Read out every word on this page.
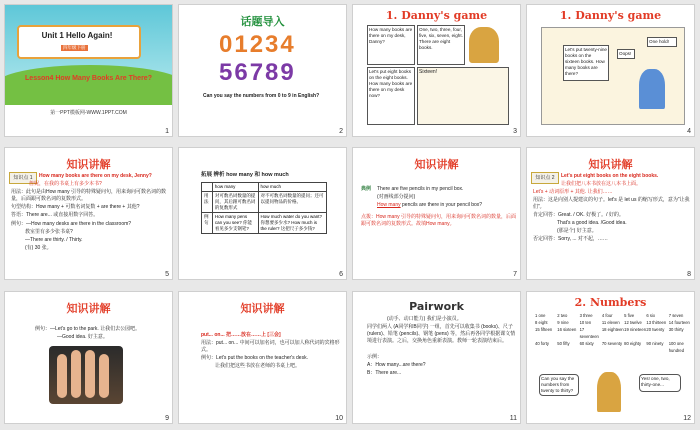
Unit 1 Hello Again!
四年级下册
Lesson4 How Many Books Are There?
第一PPT模板网-WWW.1PPT.COM
1
话题导入
01234
56789
Can you say the numbers from 0 to 9 in English?
2
1. Danny's game
How many books are there on my desk, Danny?
One, two, three, four, five, six, seven, eight. There are eight books.
Let's put eight books on the eight books. How many books are there on my desk now?
Sixteen!
3
1. Danny's game
Let's put twenty-nine books on the sixteen books. How many books are there?
One hold!
Oops!
4
知识讲解
知识点 1	How many books are there on my desk, Jenny?
詹妮，在我的书桌上有多少本书?
用法：此句是由How many 引导的特殊疑问句，用来询问可数名词的数量，后面跟可数名词的复数形式。
句型结构：How many + 可数名词复数 + are there + 其他?
答语：There are... 或直接用数字回答。
例句：—How many desks are there in the classroom?
教室里有多少张书桌?
—There are thirty. / Thirty.
(有) 30 张。
5
拓展 辨析 how many 和 how much
	how many	how much
用法	对可数名词数量的提问，其后跟可数名词的复数形式	对不可数名词数量的提问；还可以提问物品的价格。
例句	How many pens can you see? 你能看见多少支钢笔?	How much water do you want? 你想要多少水? How much is the ruler? 这把尺子多少钱?
6
知识讲解
典例 There are five pencils in my pencil box.
(对画线部分提问)
How many pencils are there in your pencil box?
点拨：How many 引导的特殊疑问句，用来询问可数名词的数量，后面跟可数名词的复数形式。故填How many。
7
知识讲解
知识点 2	Let's put eight books on the eight books.
让我们把八本书放在这八本书上面。
Let's + 动词原形 + 其他. 让我们……
用法：这是向别人提建议的句子。let's 是 let us 的缩写形式，意为“让我们”。
肯定回答：Great. / OK. 好极了。/ 好的。
That's a good idea. /Good idea.
(那是个) 好主意。
否定回答：Sorry, ... 对不起，……
8
知识讲解
例句：—Let's go to the park. 让我们去公园吧。
—Good idea. 好主意。
9
知识讲解
put... on... 把……放在……上 [三会]
用法：put... on... 中间可以加名词，也可以加人称代词的宾格形式。
例句：Let's put the books on the teacher's desk.
让我们把这些书放在老师的书桌上吧。
10
Pairwork
(动手、动口能力) 我们是小演员。
同学们两人 (A同学和B同学) 一组，首先可以收集书 (books)、尺子 (rulers)、铅笔 (pencils)、钢笔 (pens) 等，然后再各同学根据课文情境进行表演。之后，交换角色重新表演。教师一轮表演结束后。
示例：
A：How many...are there?
B：There are...
11
2. Numbers
1 one	2 two	3 three	4 four	5 five	6 six	7 seven
8 eight	9 nine	10 ten	11 eleven	12 twelve	13 thirteen 14 fourteen
15 fifteen	16 sixteen 17 seventeen
18 eighteen 19 nineteen 20 twenty	30 thirty
40 forty	50 fifty	60 sixty	70 seventy 80 eighty	90 ninety	100 one hundred
Can you say the numbers from twenty to thirty?
Yes! one, two, thirty-one...
12
